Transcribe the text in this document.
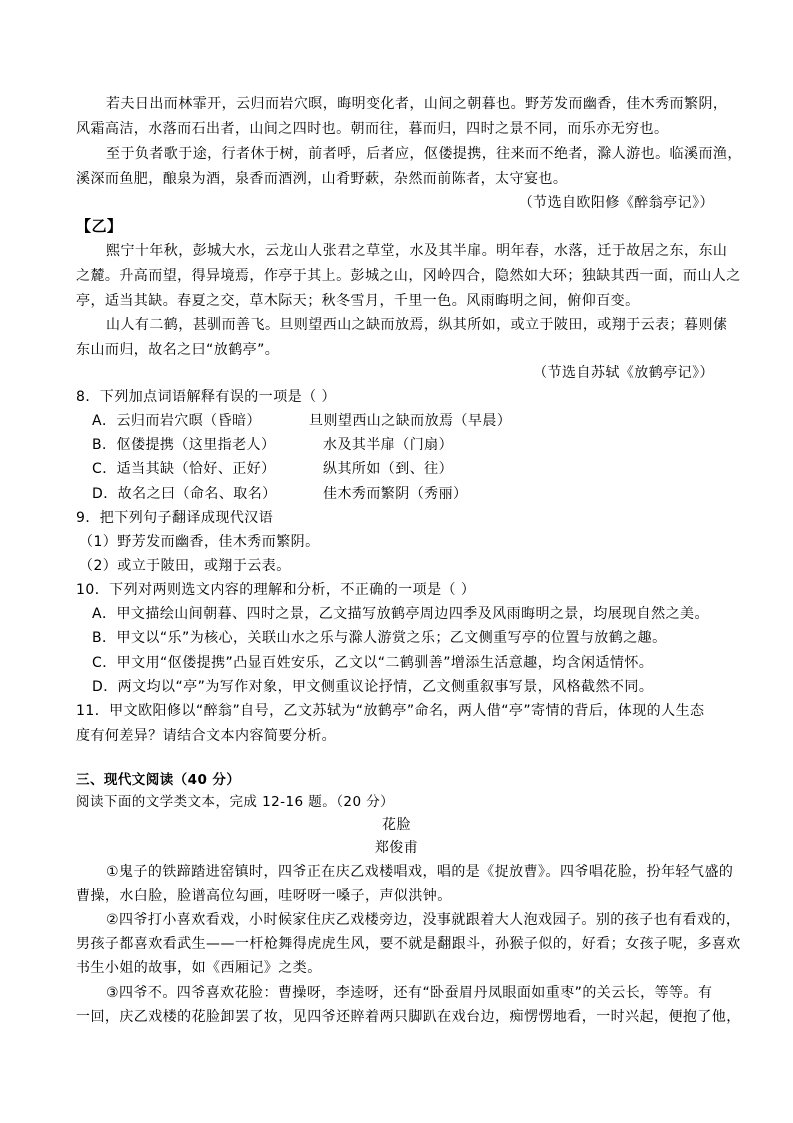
若夫日出而林霏开，云归而岩穴暝，晦明变化者，山间之朝暮也。野芳发而幽香，佳木秀而繁阴，
风霜高洁，水落而石出者，山间之四时也。朝而往，暮而归，四时之景不同，而乐亦无穷也。
至于负者歌于途，行者休于树，前者呼，后者应，伛偻提携，往来而不绝者，滁人游也。临溪而渔，
溪深而鱼肥，酿泉为酒，泉香而酒洌，山肴野蔌，杂然而前陈者，太守宴也。
（节选自欧阳修《醉翁亭记》）
【乙】
熙宁十年秋，彭城大水，云龙山人张君之草堂，水及其半扉。明年春，水落，迁于故居之东，东山
之麓。升高而望，得异境焉，作亭于其上。彭城之山，冈岭四合，隐然如大环；独缺其西一面，而山人之
亭，适当其缺。春夏之交，草木际天；秋冬雪月，千里一色。风雨晦明之间，俯仰百变。
山人有二鹤，甚驯而善飞。旦则望西山之缺而放焉，纵其所如，或立于陂田，或翔于云表；暮则傃
东山而归，故名之曰“放鹤亭”。
（节选自苏轼《放鹤亭记》）
8．下列加点词语解释有误的一项是（ ）
A．云归而岩穴暝（昏暗）	旦则望西山之缺而放焉（早晨）
B．伛偻提携（这里指老人）	水及其半扉（门扇）
C．适当其缺（恰好、正好）	纵其所如（到、往）
D．故名之曰（命名、取名）	佳木秀而繁阴（秀丽）
9．把下列句子翻译成现代汉语
（1）野芳发而幽香，佳木秀而繁阴。
（2）或立于陂田，或翔于云表。
10．下列对两则选文内容的理解和分析，不正确的一项是（ ）
A．甲文描绘山间朝暮、四时之景，乙文描写放鹤亭周边四季及风雨晦明之景，均展现自然之美。
B．甲文以“乐”为核心，关联山水之乐与滁人游赏之乐；乙文侧重写亭的位置与放鹤之趣。
C．甲文用“伛偻提携”凸显百姓安乐，乙文以“二鹤驯善”增添生活意趣，均含闲适情怀。
D．两文均以“亭”为写作对象，甲文侧重议论抒情，乙文侧重叙事写景，风格截然不同。
11．甲文欧阳修以“醉翁”自号，乙文苏轼为“放鹤亭”命名，两人借“亭”寄情的背后，体现的人生态
度有何差异？请结合文本内容简要分析。
三、现代文阅读（40 分）
阅读下面的文学类文本，完成 12-16 题。（20 分）
花脸
郑俊甫
①鬼子的铁蹄踏进窑镇时，四爷正在庆乙戏楼唱戏，唱的是《捉放曹》。四爷唱花脸，扮年轻气盛的
曹操，水白脸，脸谱高位勾画，哇呀呀一嗓子，声似洪钟。
②四爷打小喜欢看戏，小时候家住庆乙戏楼旁边，没事就跟着大人泡戏园子。别的孩子也有看戏的，
男孩子都喜欢看武生——一杆枪舞得虎虎生风，要不就是翻跟斗，孙猴子似的，好看；女孩子呢，多喜欢
书生小姐的故事，如《西厢记》之类。
③四爷不。四爷喜欢花脸：曹操呀，李逵呀，还有“卧蚕眉丹凤眼面如重枣”的关云长，等等。有
一回，庆乙戏楼的花脸卸罢了妆，见四爷还賥着两只脚趴在戏台边，痴愣愣地看，一时兴起，便抱了他，
